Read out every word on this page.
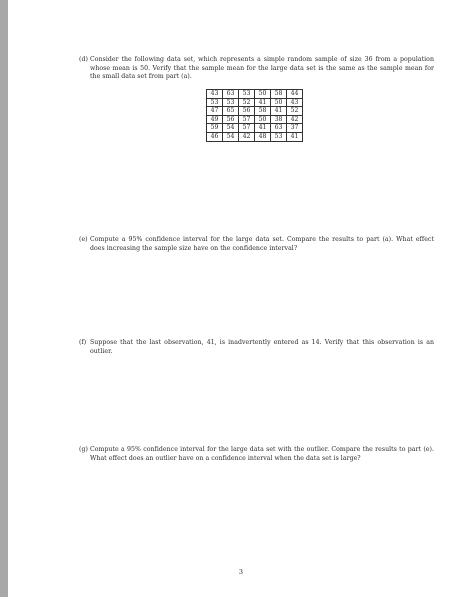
(d) Consider the following data set, which represents a simple random sample of size 36 from a population whose mean is 50. Verify that the sample mean for the large data set is the same as the sample mean for the small data set from part (a).
43	63	53	50	58	44
53	53	52	41	50	43
47	65	56	58	41	52
49	56	57	50	38	42
59	54	57	41	63	37
46	54	42	48	53	41
(e) Compute a 95% confidence interval for the large data set. Compare the results to part (a). What effect does increasing the sample size have on the confidence interval?
(f) Suppose that the last observation, 41, is inadvertently entered as 14. Verify that this observation is an outlier.
(g) Compute a 95% confidence interval for the large data set with the outlier. Compare the results to part (e). What effect does an outlier have on a confidence interval when the data set is large?
3
